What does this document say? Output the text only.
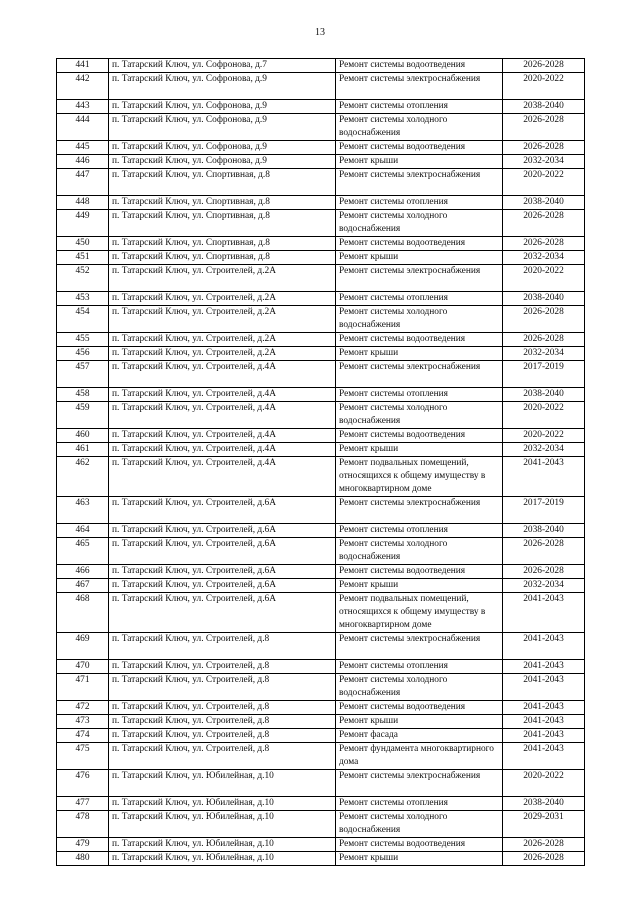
13
441	п. Татарский Ключ, ул. Софронова, д.7	Ремонт системы водоотведения	2026-2028
442	п. Татарский Ключ, ул. Софронова, д.9	Ремонт системы электроснабжения	2020-2022
443	п. Татарский Ключ, ул. Софронова, д.9	Ремонт системы отопления	2038-2040
444	п. Татарский Ключ, ул. Софронова, д.9	Ремонт системы холодного водоснабжения	2026-2028
445	п. Татарский Ключ, ул. Софронова, д.9	Ремонт системы водоотведения	2026-2028
446	п. Татарский Ключ, ул. Софронова, д.9	Ремонт крыши	2032-2034
447	п. Татарский Ключ, ул. Спортивная, д.8	Ремонт системы электроснабжения	2020-2022
448	п. Татарский Ключ, ул. Спортивная, д.8	Ремонт системы отопления	2038-2040
449	п. Татарский Ключ, ул. Спортивная, д.8	Ремонт системы холодного водоснабжения	2026-2028
450	п. Татарский Ключ, ул. Спортивная, д.8	Ремонт системы водоотведения	2026-2028
451	п. Татарский Ключ, ул. Спортивная, д.8	Ремонт крыши	2032-2034
452	п. Татарский Ключ, ул. Строителей, д.2А	Ремонт системы электроснабжения	2020-2022
453	п. Татарский Ключ, ул. Строителей, д.2А	Ремонт системы отопления	2038-2040
454	п. Татарский Ключ, ул. Строителей, д.2А	Ремонт системы холодного водоснабжения	2026-2028
455	п. Татарский Ключ, ул. Строителей, д.2А	Ремонт системы водоотведения	2026-2028
456	п. Татарский Ключ, ул. Строителей, д.2А	Ремонт крыши	2032-2034
457	п. Татарский Ключ, ул. Строителей, д.4А	Ремонт системы электроснабжения	2017-2019
458	п. Татарский Ключ, ул. Строителей, д.4А	Ремонт системы отопления	2038-2040
459	п. Татарский Ключ, ул. Строителей, д.4А	Ремонт системы холодного водоснабжения	2020-2022
460	п. Татарский Ключ, ул. Строителей, д.4А	Ремонт системы водоотведения	2020-2022
461	п. Татарский Ключ, ул. Строителей, д.4А	Ремонт крыши	2032-2034
462	п. Татарский Ключ, ул. Строителей, д.4А	Ремонт подвальных помещений, относящихся к общему имуществу в многоквартирном доме	2041-2043
463	п. Татарский Ключ, ул. Строителей, д.6А	Ремонт системы электроснабжения	2017-2019
464	п. Татарский Ключ, ул. Строителей, д.6А	Ремонт системы отопления	2038-2040
465	п. Татарский Ключ, ул. Строителей, д.6А	Ремонт системы холодного водоснабжения	2026-2028
466	п. Татарский Ключ, ул. Строителей, д.6А	Ремонт системы водоотведения	2026-2028
467	п. Татарский Ключ, ул. Строителей, д.6А	Ремонт крыши	2032-2034
468	п. Татарский Ключ, ул. Строителей, д.6А	Ремонт подвальных помещений, относящихся к общему имуществу в многоквартирном доме	2041-2043
469	п. Татарский Ключ, ул. Строителей, д.8	Ремонт системы электроснабжения	2041-2043
470	п. Татарский Ключ, ул. Строителей, д.8	Ремонт системы отопления	2041-2043
471	п. Татарский Ключ, ул. Строителей, д.8	Ремонт системы холодного водоснабжения	2041-2043
472	п. Татарский Ключ, ул. Строителей, д.8	Ремонт системы водоотведения	2041-2043
473	п. Татарский Ключ, ул. Строителей, д.8	Ремонт крыши	2041-2043
474	п. Татарский Ключ, ул. Строителей, д.8	Ремонт фасада	2041-2043
475	п. Татарский Ключ, ул. Строителей, д.8	Ремонт фундамента многоквартирного дома	2041-2043
476	п. Татарский Ключ, ул. Юбилейная, д.10	Ремонт системы электроснабжения	2020-2022
477	п. Татарский Ключ, ул. Юбилейная, д.10	Ремонт системы отопления	2038-2040
478	п. Татарский Ключ, ул. Юбилейная, д.10	Ремонт системы холодного водоснабжения	2029-2031
479	п. Татарский Ключ, ул. Юбилейная, д.10	Ремонт системы водоотведения	2026-2028
480	п. Татарский Ключ, ул. Юбилейная, д.10	Ремонт крыши	2026-2028
